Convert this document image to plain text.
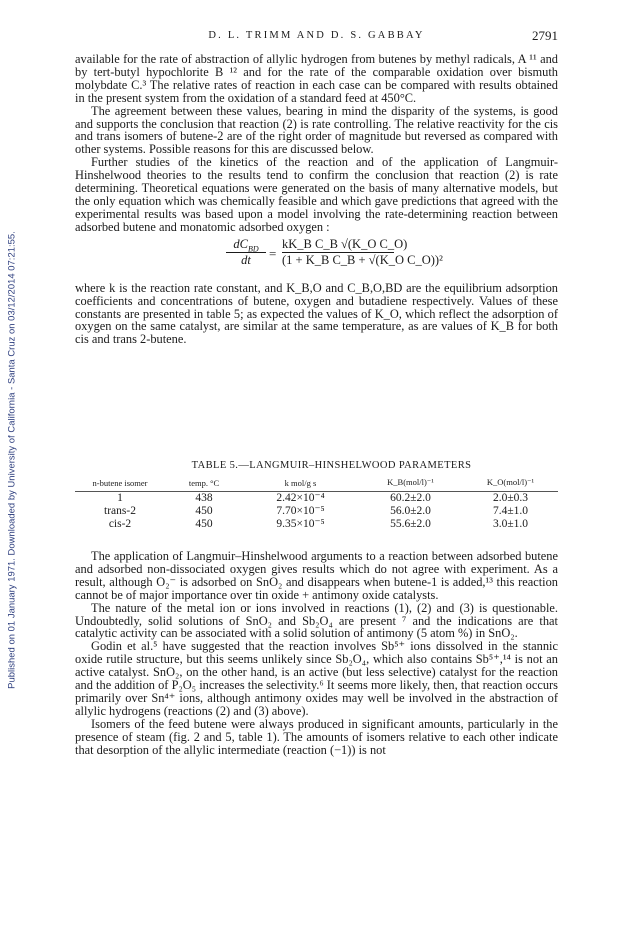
Published on 01 January 1971. Downloaded by University of California - Santa Cruz on 03/12/2014 07:21:55.
D. L. TRIMM AND D. S. GABBAY	2791

available for the rate of abstraction of allylic hydrogen from butenes by methyl radicals, A ¹¹ and by tert-butyl hypochlorite B ¹² and for the rate of the comparable oxidation over bismuth molybdate C.³ The relative rates of reaction in each case can be compared with results obtained in the present system from the oxidation of a standard feed at 450°C.

The agreement between these values, bearing in mind the disparity of the systems, is good and supports the conclusion that reaction (2) is rate controlling. The relative reactivity for the cis and trans isomers of butene-2 are of the right order of magnitude but reversed as compared with other systems. Possible reasons for this are discussed below.

Further studies of the kinetics of the reaction and of the application of Langmuir-Hinshelwood theories to the results tend to confirm the conclusion that reaction (2) is rate determining. Theoretical equations were generated on the basis of many alternative models, but the only equation which was chemically feasible and which gave predictions that agreed with the experimental results was based upon a model involving the rate-determining reaction between adsorbed butene and monatomic adsorbed oxygen :

$dC_{BD}$
dt	= $\frac{\text{kK\_B C\_B √(K\_O C\_O)}}{\text{(1 + K\_B C\_B + √(K\_O C\_O))²}}$

where k is the reaction rate constant, and K_B,O and C_B,O,BD are the equilibrium adsorption coefficients and concentrations of butene, oxygen and butadiene respectively. Values of these constants are presented in table 5; as expected the values of K_O, which reflect the adsorption of oxygen on the same catalyst, are similar at the same temperature, as are values of K_B for both cis and trans 2-butene.

TABLE 5.—LANGMUIR–HINSHELWOOD PARAMETERS
n-butene isomer	temp. °C	k mol/g s	K_B(mol/l)⁻¹	K_O(mol/l)⁻¹
1	438	2.42×10⁻⁴	60.2±2.0	2.0±0.3
trans-2	450	7.70×10⁻⁵	56.0±2.0	7.4±1.0
cis-2	450	9.35×10⁻⁵	55.6±2.0	3.0±1.0

The application of Langmuir–Hinshelwood arguments to a reaction between adsorbed butene and adsorbed non-dissociated oxygen gives results which do not agree with experiment. As a result, although O₂⁻ is adsorbed on SnO₂ and disappears when butene-1 is added,¹³ this reaction cannot be of major importance over tin oxide + antimony oxide catalysts.

The nature of the metal ion or ions involved in reactions (1), (2) and (3) is questionable. Undoubtedly, solid solutions of SnO₂ and Sb₂O₄ are present ⁷ and the indications are that catalytic activity can be associated with a solid solution of antimony (5 atom %) in SnO₂.

Godin et al.⁵ have suggested that the reaction involves Sb⁵⁺ ions dissolved in the stannic oxide rutile structure, but this seems unlikely since Sb₂O₄, which also contains Sb⁵⁺,¹⁴ is not an active catalyst. SnO₂, on the other hand, is an active (but less selective) catalyst for the reaction and the addition of P₂O₅ increases the selectivity.⁶ It seems more likely, then, that reaction occurs primarily over Sn⁴⁺ ions, although antimony oxides may well be involved in the abstraction of allylic hydrogens (reactions (2) and (3) above).

Isomers of the feed butene were always produced in significant amounts, particularly in the presence of steam (fig. 2 and 5, table 1). The amounts of isomers relative to each other indicate that desorption of the allylic intermediate (reaction (−1)) is not
